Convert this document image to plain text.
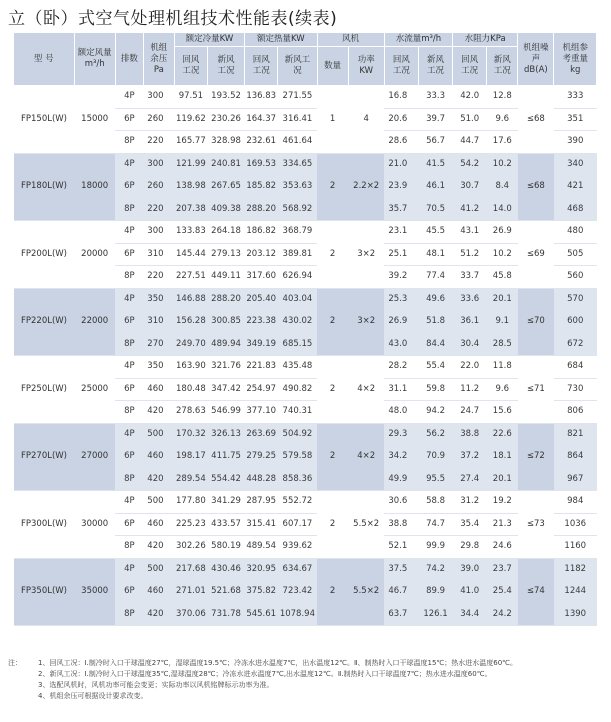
立（卧）式空气处理机组技术性能表(续表)
型 号	额定风量m³/h	排数	机组余压Pa	额定冷量KW		额定热量KW		风机		水流量m³/h		水阻力KPa		机组噪声dB(A)	机组参考重量kg
				回风工况	新风工况	回风工况	新风工况	数量	功率KW	回风工况	新风工况	回风工况	新风工况		
FP150L(W)	15000	4P	300	97.51	193.52	136.83	271.55	1	4	16.8	33.3	42.0	12.8	≤68	333
		6P	260	119.62	230.26	164.37	316.41			20.6	39.7	51.0	9.6		351
		8P	220	165.77	328.98	232.61	461.64			28.6	56.7	44.7	17.6		390
FP180L(W)	18000	4P	300	121.99	240.81	169.53	334.65	2	2.2×2	21.0	41.5	54.2	10.2	≤68	340
		6P	260	138.98	267.65	185.82	353.63			23.9	46.1	30.7	8.4		421
		8P	220	207.38	409.38	288.20	568.92			35.7	70.5	41.2	14.0		468
FP200L(W)	20000	4P	300	133.83	264.18	186.82	368.79	2	3×2	23.1	45.5	43.1	26.9	≤69	480
		6P	310	145.44	279.13	203.12	389.81			25.1	48.1	51.2	10.2		505
		8P	220	227.51	449.11	317.60	626.94			39.2	77.4	33.7	45.8		560
FP220L(W)	22000	4P	350	146.88	288.20	205.40	403.04	2	3×2	25.3	49.6	33.6	20.1	≤70	570
		6P	310	156.28	300.85	223.38	430.02			26.9	51.8	36.1	9.1		600
		8P	270	249.70	489.94	349.19	685.15			43.0	84.4	30.4	28.5		672
FP250L(W)	25000	4P	350	163.90	321.76	221.83	435.48	2	4×2	28.2	55.4	22.0	11.8	≤71	684
		6P	460	180.48	347.42	254.97	490.82			31.1	59.8	11.2	9.6		730
		8P	420	278.63	546.99	377.10	740.31			48.0	94.2	24.7	15.6		806
FP270L(W)	27000	4P	500	170.32	326.13	263.69	504.92	2	4×2	29.3	56.2	38.8	22.6	≤72	821
		6P	460	198.17	411.75	279.25	579.58			34.2	70.9	37.2	18.1		864
		8P	420	289.54	554.42	448.28	858.36			49.9	95.5	27.4	20.1		967
FP300L(W)	30000	4P	500	177.80	341.29	287.95	552.72	2	5.5×2	30.6	58.8	31.2	19.2	≤73	984
		6P	460	225.23	433.57	315.41	607.17			38.8	74.7	35.4	21.3		1036
		8P	420	302.26	580.19	489.54	939.62			52.1	99.9	29.8	24.6		1160
FP350L(W)	35000	4P	500	217.68	430.46	320.95	634.67	2	5.5×2	37.5	74.2	39.0	23.7	≤74	1182
		6P	460	271.01	521.68	375.82	723.42			46.7	89.9	41.0	25.4		1244
		8P	420	370.06	731.78	545.61	1078.94			63.7	126.1	34.4	24.2		1390
注： 1、回风工况：Ⅰ.制冷时入口干球温度27℃，湿球温度19.5℃；冷冻水进水温度7℃，出水温度12℃。Ⅱ、制热时入口干球温度15℃；热水进水温度60℃。
2、新风工况：Ⅰ.制冷时入口干球温度35℃,湿球温度28℃；冷冻水进水温度7℃,出水温度12℃。Ⅱ.制热时入口干球温度7℃；热水进水温度60℃。
3、选配风机时，风机功率可能会变更；实际功率以风机铭牌标示功率为准。
4、机组余压可根据设计要求改变。
